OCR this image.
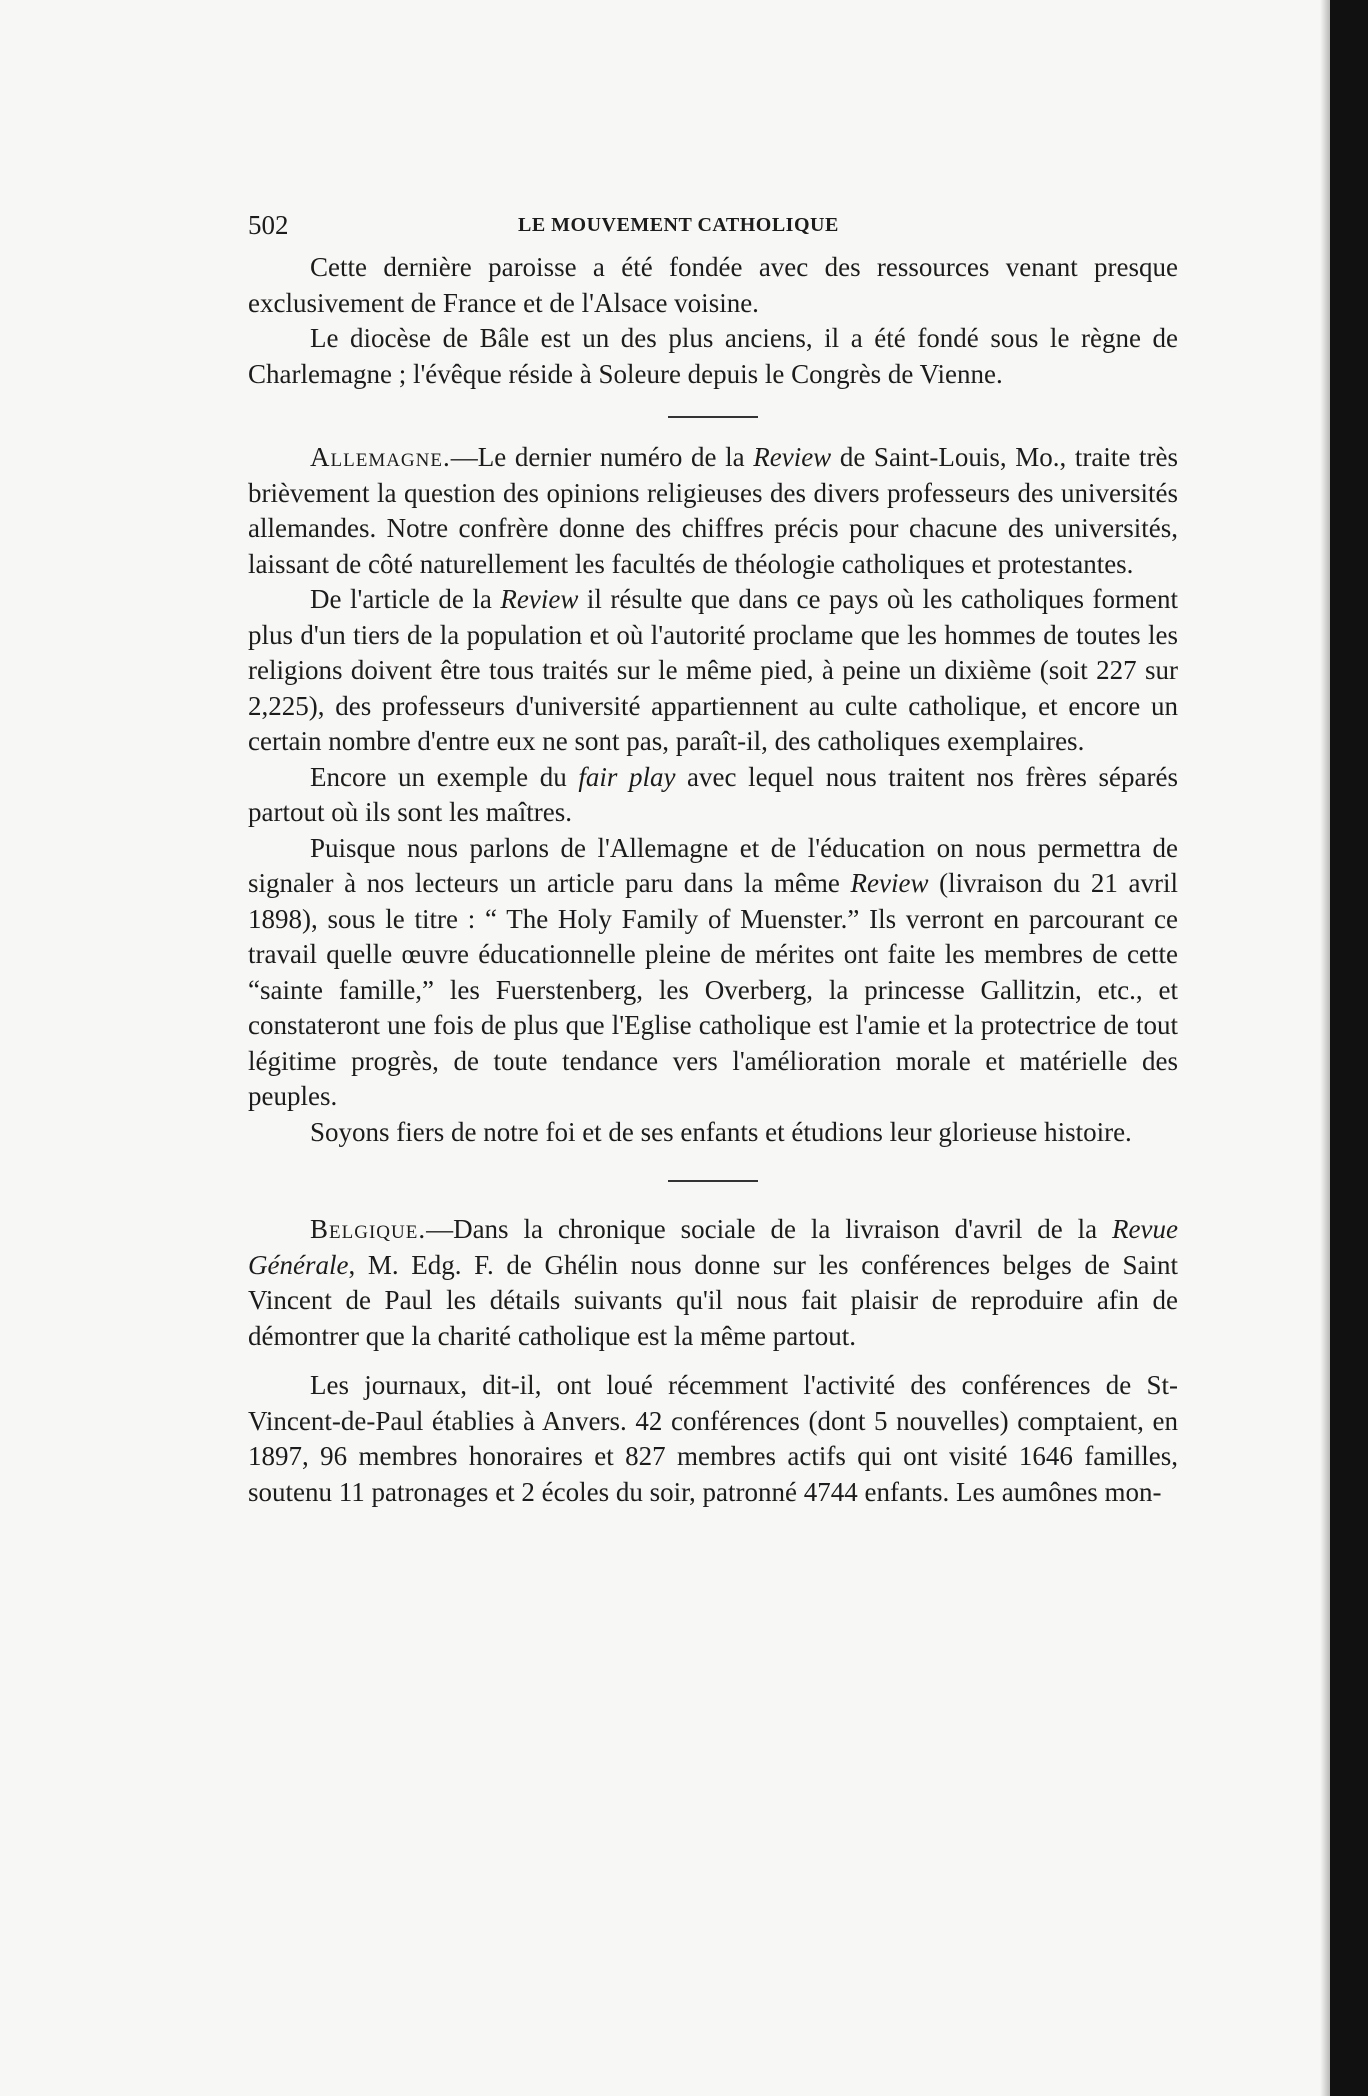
502	LE MOUVEMENT CATHOLIQUE

Cette dernière paroisse a été fondée avec des ressources venant presque exclusivement de France et de l'Alsace voisine.

Le diocèse de Bâle est un des plus anciens, il a été fondé sous le règne de Charlemagne ; l'évêque réside à Soleure depuis le Congrès de Vienne.

Allemagne.—Le dernier numéro de la Review de Saint-Louis, Mo., traite très brièvement la question des opinions religieuses des divers professeurs des universités allemandes. Notre confrère donne des chiffres précis pour chacune des universités, laissant de côté naturellement les facultés de théologie catholiques et protestantes.

De l'article de la Review il résulte que dans ce pays où les catholiques forment plus d'un tiers de la population et où l'autorité proclame que les hommes de toutes les religions doivent être tous traités sur le même pied, à peine un dixième (soit 227 sur 2,225), des professeurs d'université appartiennent au culte catholique, et encore un certain nombre d'entre eux ne sont pas, paraît-il, des catholiques exemplaires.

Encore un exemple du fair play avec lequel nous traitent nos frères séparés partout où ils sont les maîtres.

Puisque nous parlons de l'Allemagne et de l'éducation on nous permettra de signaler à nos lecteurs un article paru dans la même Review (livraison du 21 avril 1898), sous le titre : “ The Holy Family of Muenster.” Ils verront en parcourant ce travail quelle œuvre éducationnelle pleine de mérites ont faite les membres de cette “sainte famille,” les Fuerstenberg, les Overberg, la princesse Gallitzin, etc., et constateront une fois de plus que l'Eglise catholique est l'amie et la protectrice de tout légitime progrès, de toute tendance vers l'amélioration morale et matérielle des peuples.

Soyons fiers de notre foi et de ses enfants et étudions leur glorieuse histoire.

Belgique.—Dans la chronique sociale de la livraison d'avril de la Revue Générale, M. Edg. F. de Ghélin nous donne sur les conférences belges de Saint Vincent de Paul les détails suivants qu'il nous fait plaisir de reproduire afin de démontrer que la charité catholique est la même partout.

Les journaux, dit-il, ont loué récemment l'activité des conférences de St-Vincent-de-Paul établies à Anvers. 42 conférences (dont 5 nouvelles) comptaient, en 1897, 96 membres honoraires et 827 membres actifs qui ont visité 1646 familles, soutenu 11 patronages et 2 écoles du soir, patronné 4744 enfants. Les aumônes mon-
